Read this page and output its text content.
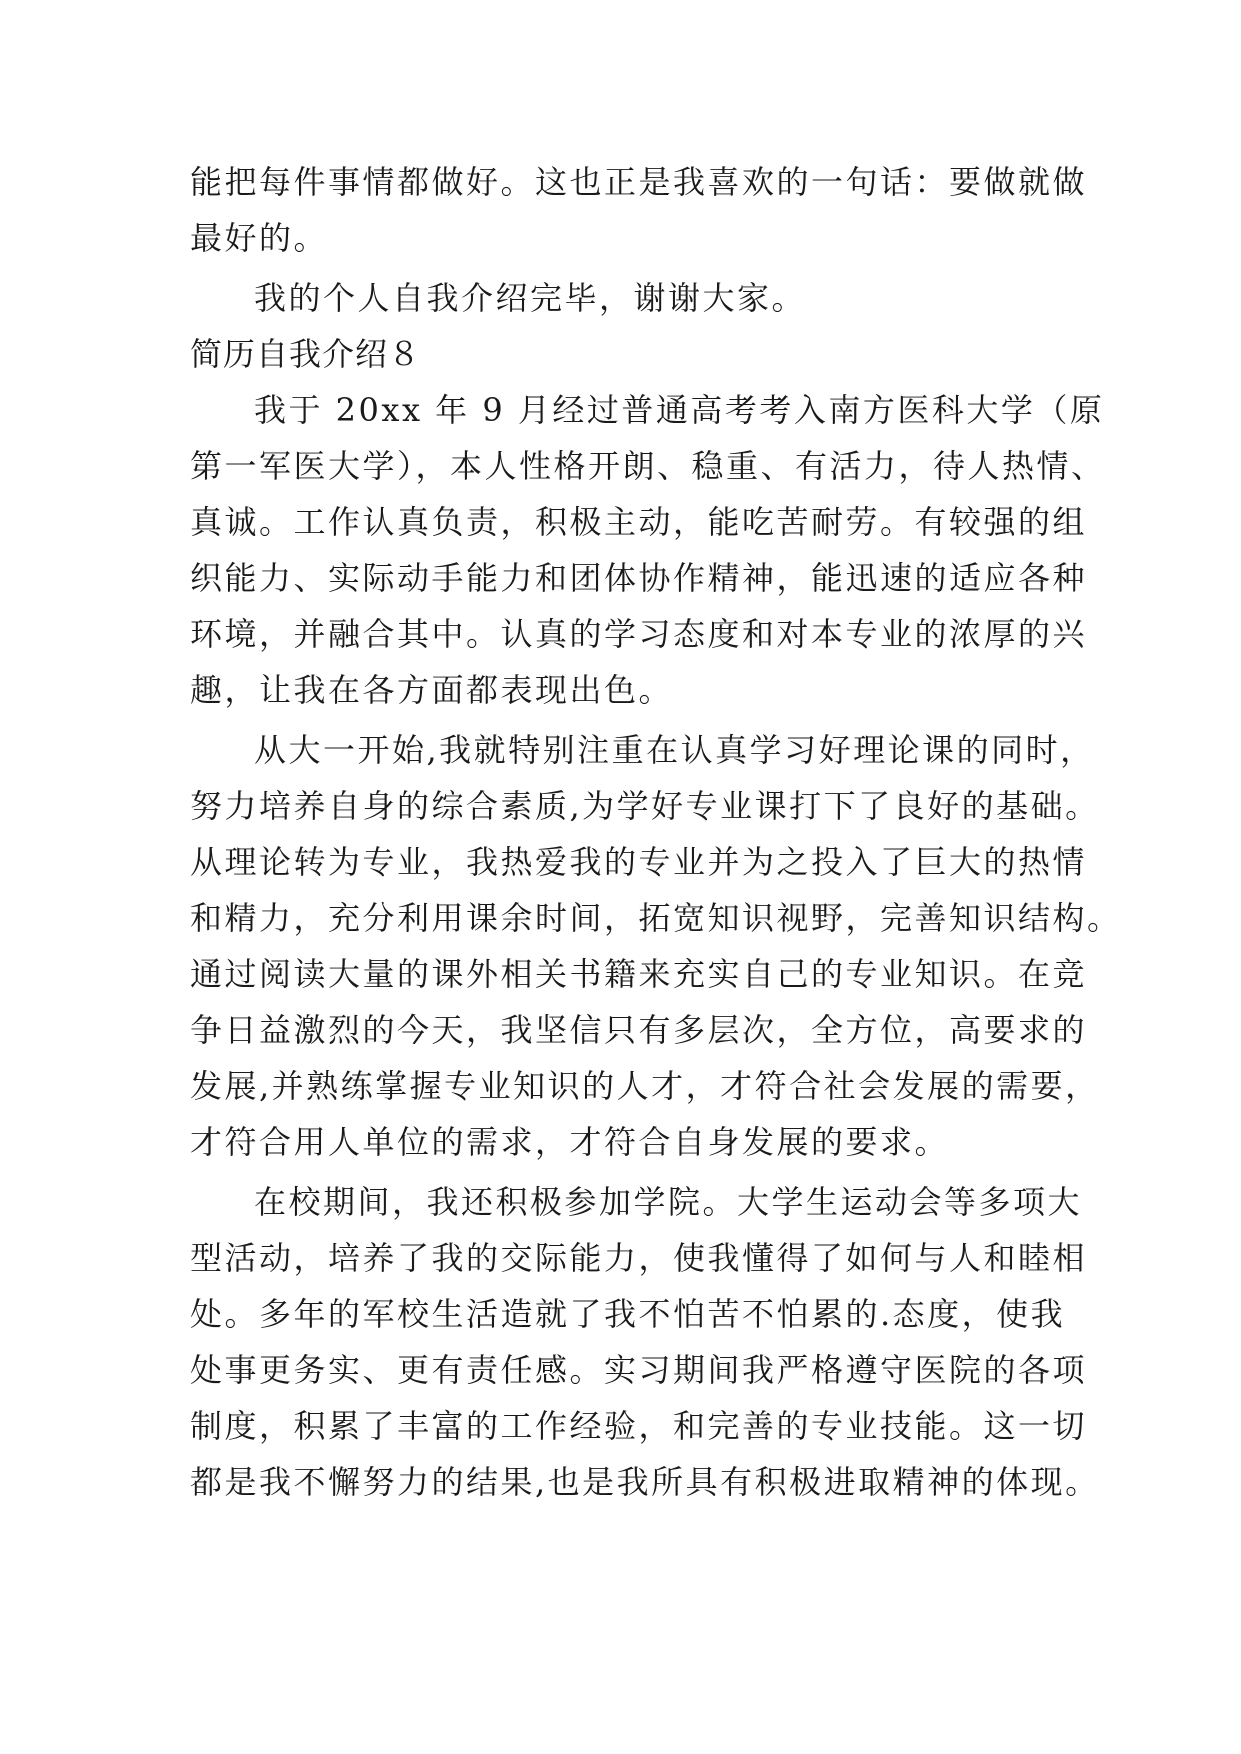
能把每件事情都做好。这也正是我喜欢的一句话：要做就做
最好的。
我的个人自我介绍完毕，谢谢大家。
简历自我介绍８
我于 20xx 年 9 月经过普通高考考入南方医科大学（原
第一军医大学），本人性格开朗、稳重、有活力，待人热情、
真诚。工作认真负责，积极主动，能吃苦耐劳。有较强的组
织能力、实际动手能力和团体协作精神，能迅速的适应各种
环境，并融合其中。认真的学习态度和对本专业的浓厚的兴
趣，让我在各方面都表现出色。
从大一开始,我就特别注重在认真学习好理论课的同时，
努力培养自身的综合素质,为学好专业课打下了良好的基础。
从理论转为专业，我热爱我的专业并为之投入了巨大的热情
和精力，充分利用课余时间，拓宽知识视野，完善知识结构。
通过阅读大量的课外相关书籍来充实自己的专业知识。在竞
争日益激烈的今天，我坚信只有多层次，全方位，高要求的
发展,并熟练掌握专业知识的人才，才符合社会发展的需要，
才符合用人单位的需求，才符合自身发展的要求。
在校期间，我还积极参加学院。大学生运动会等多项大
型活动，培养了我的交际能力，使我懂得了如何与人和睦相
处。多年的军校生活造就了我不怕苦不怕累的.态度，使我
处事更务实、更有责任感。实习期间我严格遵守医院的各项
制度，积累了丰富的工作经验，和完善的专业技能。这一切
都是我不懈努力的结果,也是我所具有积极进取精神的体现。
